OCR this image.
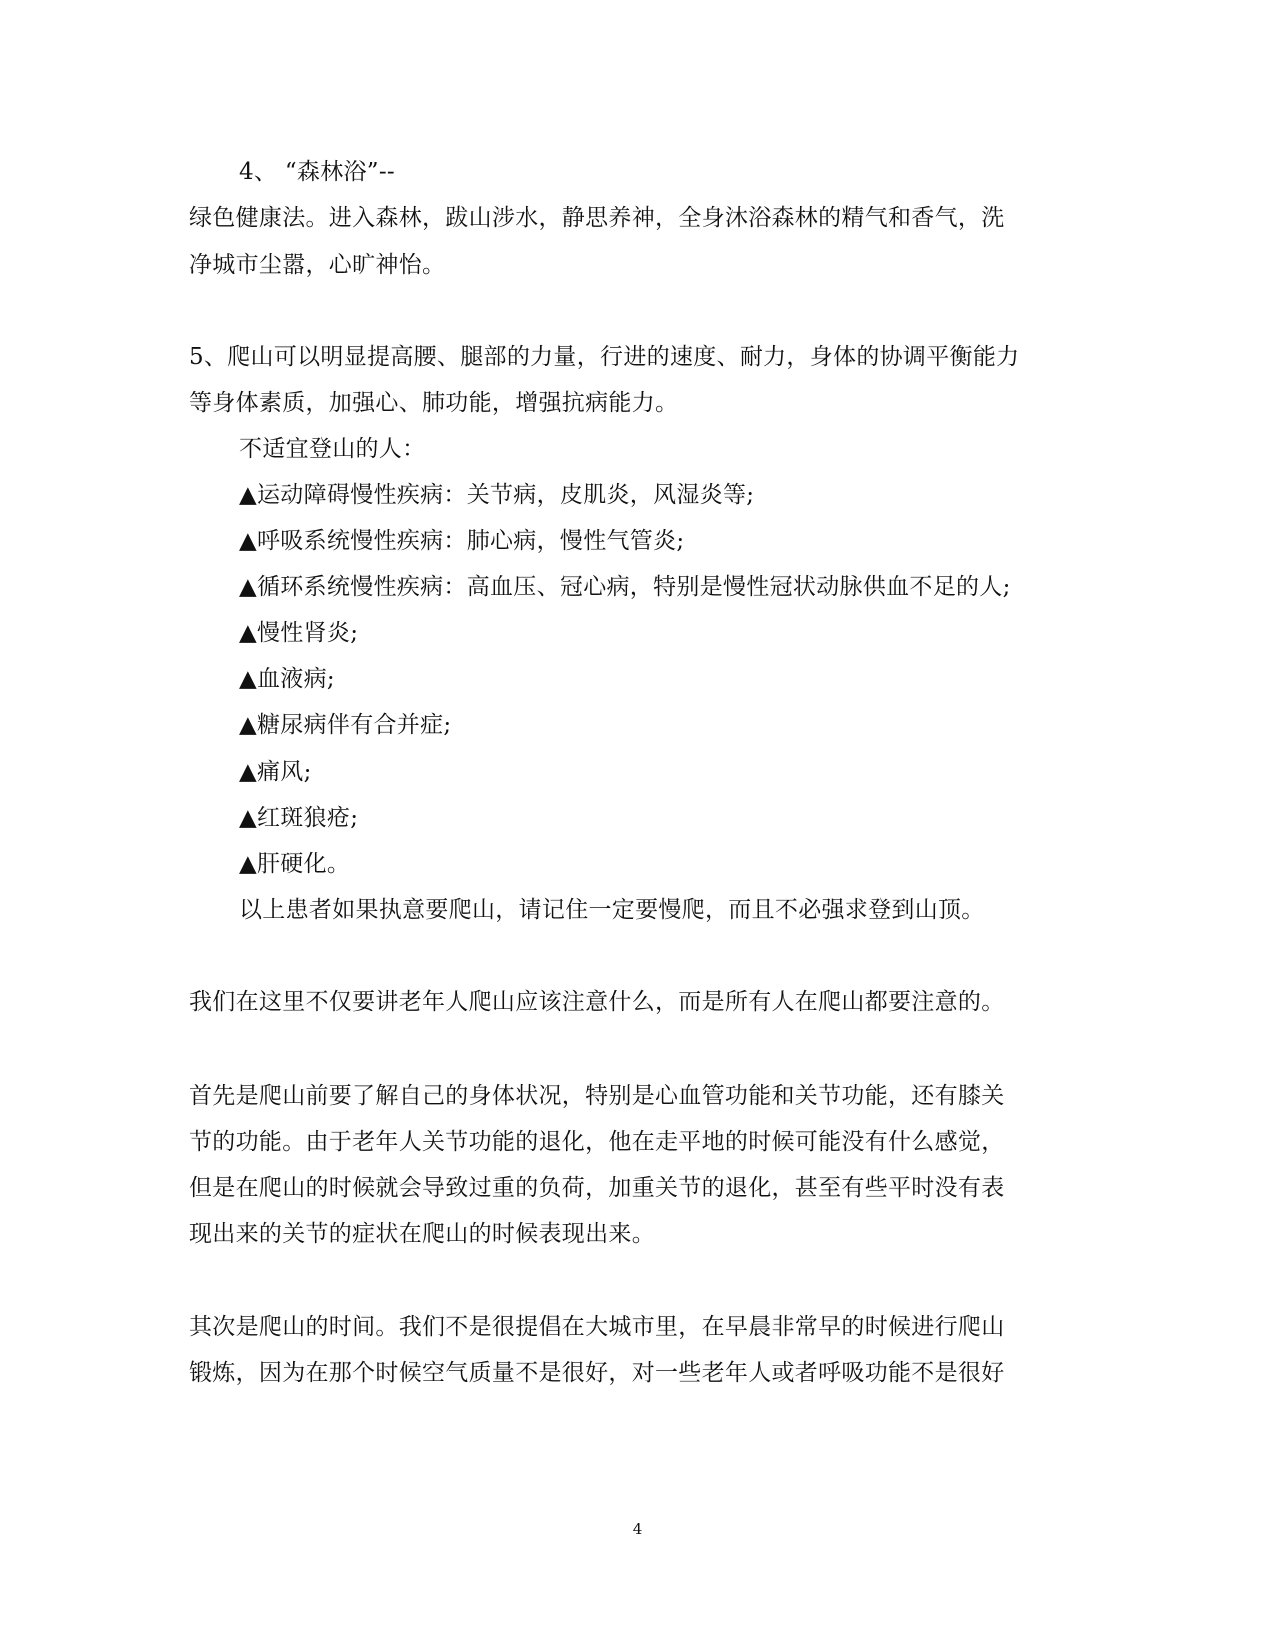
4、 “森林浴”--
绿色健康法。进入森林，跋山涉水，静思养神，全身沐浴森林的精气和香气，洗
净城市尘嚣，心旷神怡。
5、爬山可以明显提高腰、腿部的力量，行进的速度、耐力，身体的协调平衡能力
等身体素质，加强心、肺功能，增强抗病能力。
不适宜登山的人：
▲运动障碍慢性疾病：关节病，皮肌炎，风湿炎等;
▲呼吸系统慢性疾病：肺心病，慢性气管炎;
▲循环系统慢性疾病：高血压、冠心病，特别是慢性冠状动脉供血不足的人;
▲慢性肾炎;
▲血液病;
▲糖尿病伴有合并症;
▲痛风;
▲红斑狼疮;
▲肝硬化。
以上患者如果执意要爬山，请记住一定要慢爬，而且不必强求登到山顶。
我们在这里不仅要讲老年人爬山应该注意什么，而是所有人在爬山都要注意的。
首先是爬山前要了解自己的身体状况，特别是心血管功能和关节功能，还有膝关
节的功能。由于老年人关节功能的退化，他在走平地的时候可能没有什么感觉，
但是在爬山的时候就会导致过重的负荷，加重关节的退化，甚至有些平时没有表
现出来的关节的症状在爬山的时候表现出来。
其次是爬山的时间。我们不是很提倡在大城市里，在早晨非常早的时候进行爬山
锻炼，因为在那个时候空气质量不是很好，对一些老年人或者呼吸功能不是很好
4
